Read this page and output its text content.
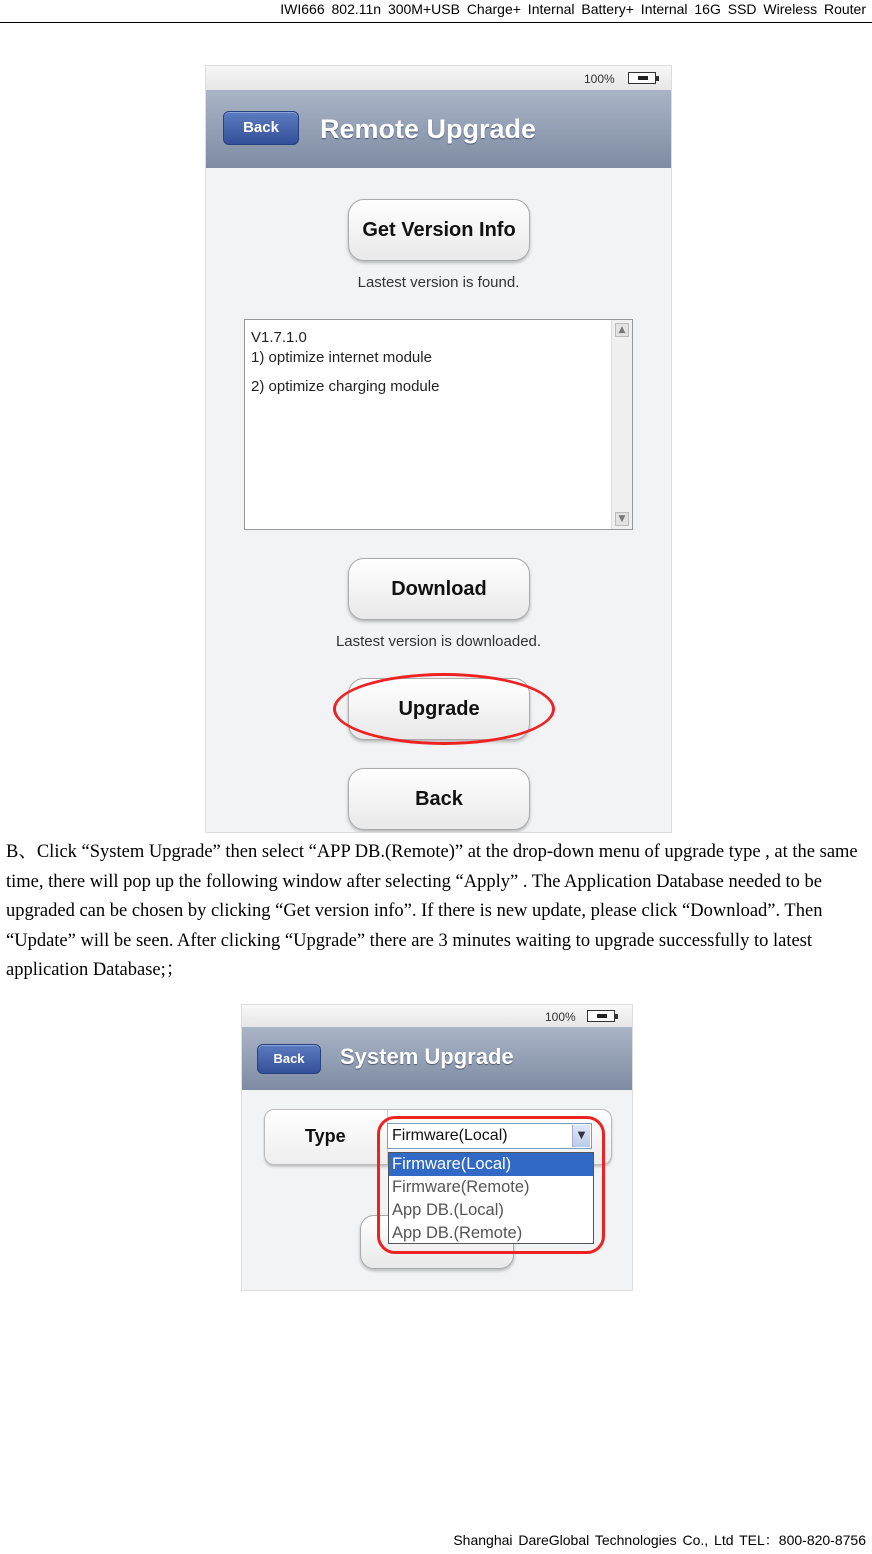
IWI666 802.11n 300M+USB Charge+ Internal Battery+ Internal 16G SSD Wireless Router
100%
Back	Remote Upgrade
Get Version Info
Lastest version is found.
V1.7.1.0
1) optimize internet module
2) optimize charging module
▲
▼
Download
Lastest version is downloaded.
Upgrade
Back
B、Click “System Upgrade” then select “APP DB.(Remote)” at the drop-down menu of upgrade type , at the same time, there will pop up the following window after selecting “Apply” . The Application Database needed to be upgraded can be chosen by clicking “Get version info”. If there is new update, please click “Download”. Then “Update” will be seen. After clicking “Upgrade” there are 3 minutes waiting to upgrade successfully to latest application Database;；
100%
Back	System Upgrade
Type	Firmware(Local)	▼
Firmware(Local)
Firmware(Remote)
App DB.(Local)
App DB.(Remote)
Shanghai DareGlobal Technologies Co., Ltd TEL：800-820-8756
